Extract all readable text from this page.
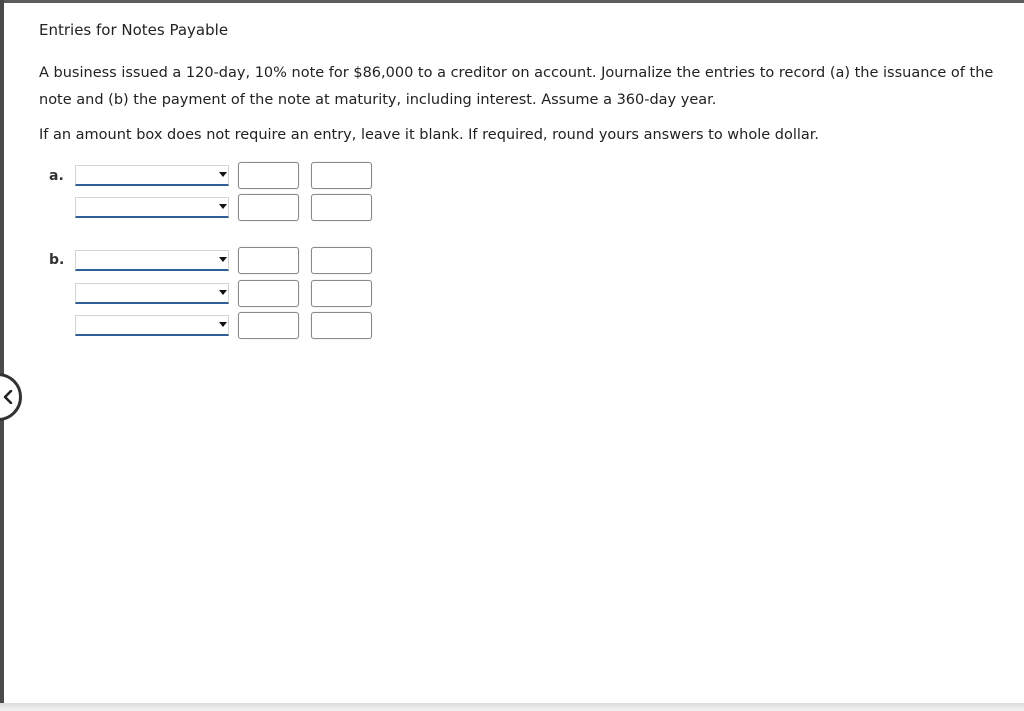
Entries for Notes Payable
A business issued a 120-day, 10% note for $86,000 to a creditor on account. Journalize the entries to record (a) the issuance of the note and (b) the payment of the note at maturity, including interest. Assume a 360-day year.
If an amount box does not require an entry, leave it blank. If required, round yours answers to whole dollar.
a.
b.
